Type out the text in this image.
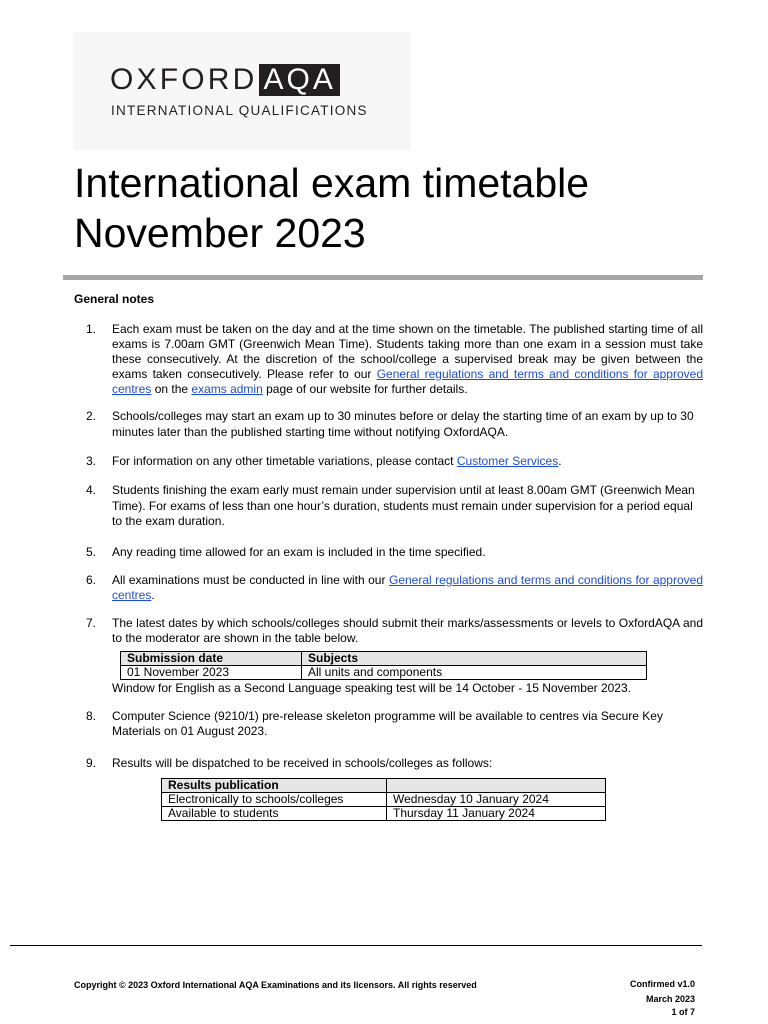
OXFORD AQA
INTERNATIONAL QUALIFICATIONS
International exam timetable
November 2023
General notes
1. Each exam must be taken on the day and at the time shown on the timetable. The published starting time of all exams is 7.00am GMT (Greenwich Mean Time). Students taking more than one exam in a session must take these consecutively. At the discretion of the school/college a supervised break may be given between the exams taken consecutively. Please refer to our General regulations and terms and conditions for approved centres on the exams admin page of our website for further details.
2. Schools/colleges may start an exam up to 30 minutes before or delay the starting time of an exam by up to 30 minutes later than the published starting time without notifying OxfordAQA.
3. For information on any other timetable variations, please contact Customer Services.
4. Students finishing the exam early must remain under supervision until at least 8.00am GMT (Greenwich Mean Time). For exams of less than one hour’s duration, students must remain under supervision for a period equal to the exam duration.
5. Any reading time allowed for an exam is included in the time specified.
6. All examinations must be conducted in line with our General regulations and terms and conditions for approved centres.
7. The latest dates by which schools/colleges should submit their marks/assessments or levels to OxfordAQA and to the moderator are shown in the table below.
Submission date	Subjects
01 November 2023	All units and components
Window for English as a Second Language speaking test will be 14 October - 15 November 2023.
8. Computer Science (9210/1) pre-release skeleton programme will be available to centres via Secure Key Materials on 01 August 2023.
9. Results will be dispatched to be received in schools/colleges as follows:
Results publication	
Electronically to schools/colleges	Wednesday 10 January 2024
Available to students	Thursday 11 January 2024
Copyright © 2023 Oxford International AQA Examinations and its licensors. All rights reserved	Confirmed v1.0
March 2023
1 of 7
